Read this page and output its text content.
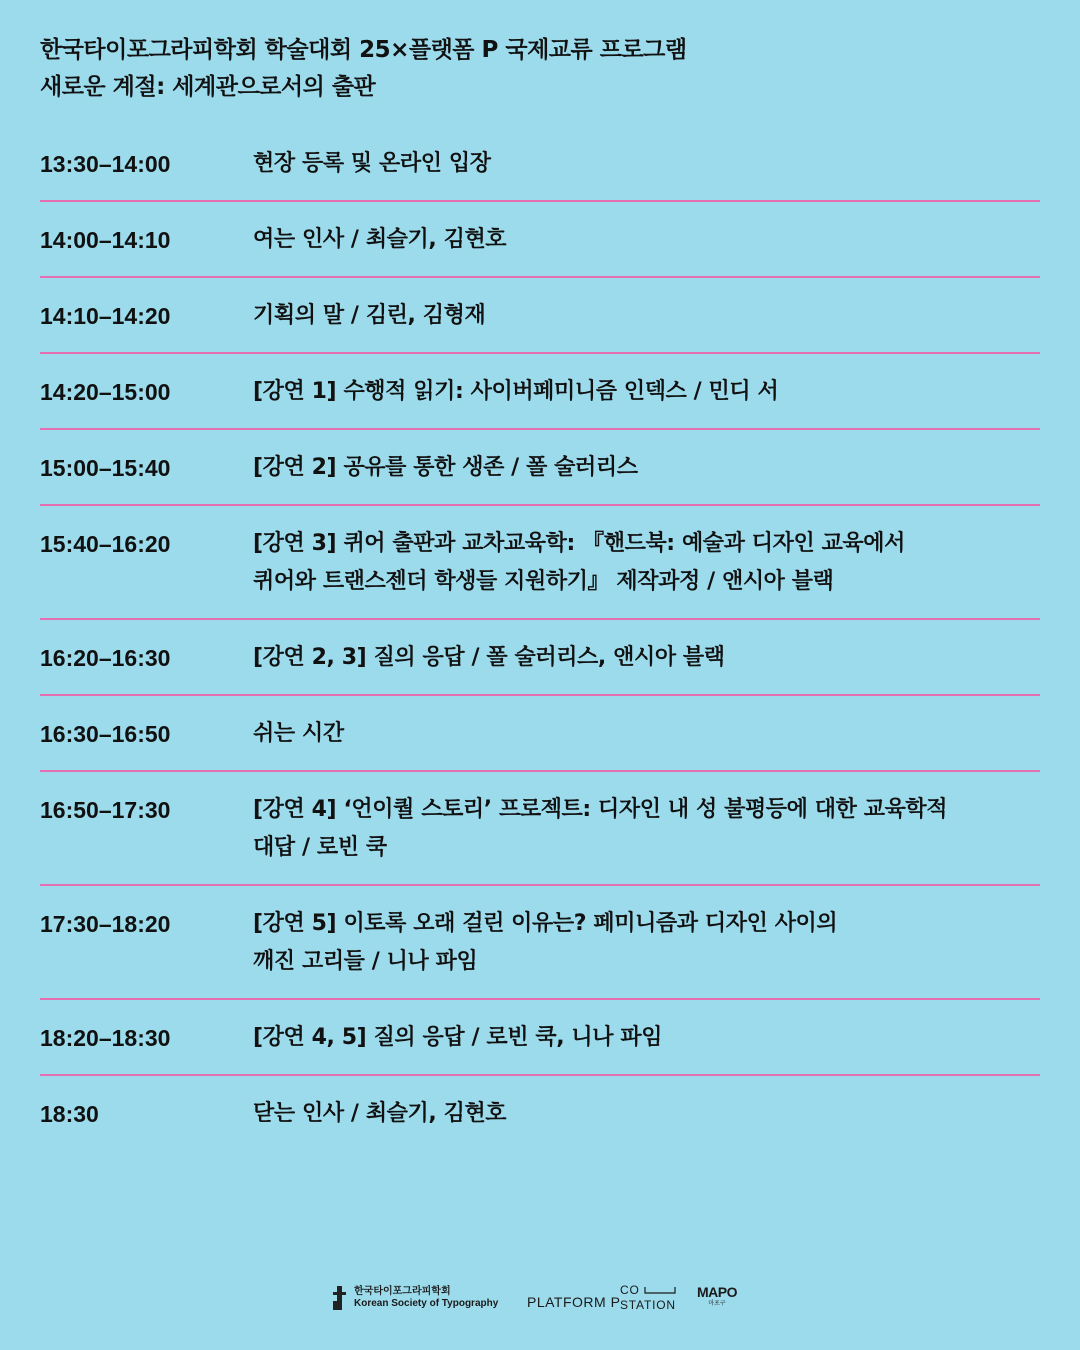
한국타이포그라피학회 학술대회 25×플랫폼 P 국제교류 프로그램
새로운 계절: 세계관으로서의 출판
13:30–14:00	현장 등록 및 온라인 입장
14:00–14:10	여는 인사 / 최슬기, 김현호
14:10–14:20	기획의 말 / 김린, 김형재
14:20–15:00	[강연 1] 수행적 읽기: 사이버페미니즘 인덱스 / 민디 서
15:00–15:40	[강연 2] 공유를 통한 생존 / 폴 술러리스
15:40–16:20	[강연 3] 퀴어 출판과 교차교육학: 『핸드북: 예술과 디자인 교육에서
퀴어와 트랜스젠더 학생들 지원하기』 제작과정 / 앤시아 블랙
16:20–16:30	[강연 2, 3] 질의 응답 / 폴 술러리스, 앤시아 블랙
16:30–16:50	쉬는 시간
16:50–17:30	[강연 4] ‘언이퀄 스토리’ 프로젝트: 디자인 내 성 불평등에 대한 교육학적
대답 / 로빈 쿡
17:30–18:20	[강연 5] 이토록 오래 걸린 이유는? 페미니즘과 디자인 사이의
깨진 고리들 / 니나 파임
18:20–18:30	[강연 4, 5] 질의 응답 / 로빈 쿡, 니나 파임
18:30	닫는 인사 / 최슬기, 김현호
한국타이포그라피학회
Korean Society of Typography PLATFORM P
CO
STATION
MAPO
마포구
